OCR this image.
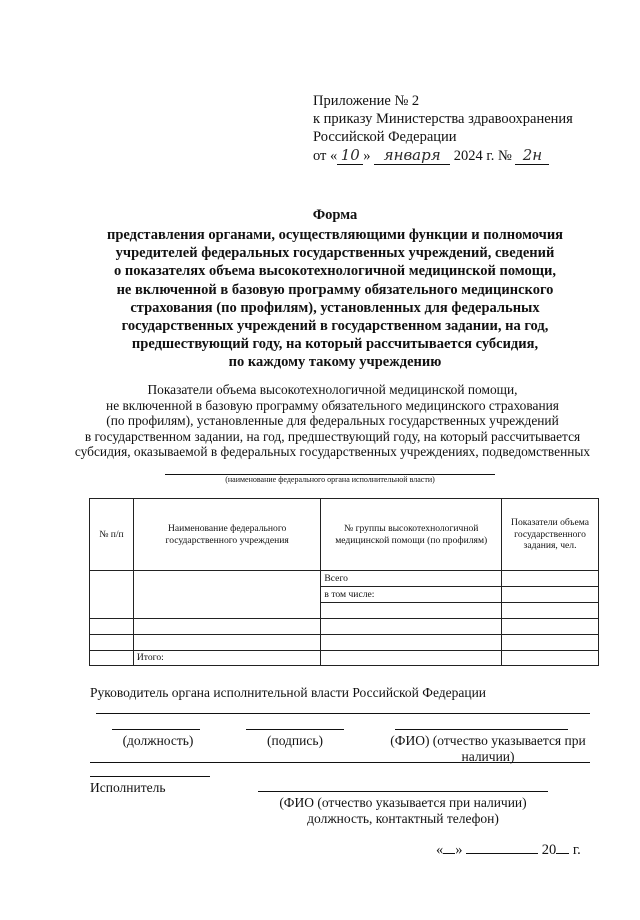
Приложение № 2
к приказу Министерства здравоохранения
Российской Федерации
от « 10 » января 2024 г. № 2н
Форма
представления органами, осуществляющими функции и полномочия
учредителей федеральных государственных учреждений, сведений
о показателях объема высокотехнологичной медицинской помощи,
не включенной в базовую программу обязательного медицинского
страхования (по профилям), установленных для федеральных
государственных учреждений в государственном задании, на год,
предшествующий году, на который рассчитывается субсидия,
по каждому такому учреждению
Показатели объема высокотехнологичной медицинской помощи,
не включенной в базовую программу обязательного медицинского страхования
(по профилям), установленные для федеральных государственных учреждений
в государственном задании, на год, предшествующий году, на который рассчитывается
субсидия, оказываемой в федеральных государственных учреждениях, подведомственных
(наименование федерального органа исполнительной власти)
№ п/п	Наименование федерального государственного учреждения	№ группы высокотехнологичной медицинской помощи (по профилям)	Показатели объема государственного задания, чел.
		Всего	
		в том числе:	

	Итого:		
Руководитель органа исполнительной власти Российской Федерации
(должность)	(подпись)	(ФИО) (отчество указывается при наличии)
Исполнитель
(ФИО (отчество указывается при наличии)
должность, контактный телефон)
« »	20 г.
